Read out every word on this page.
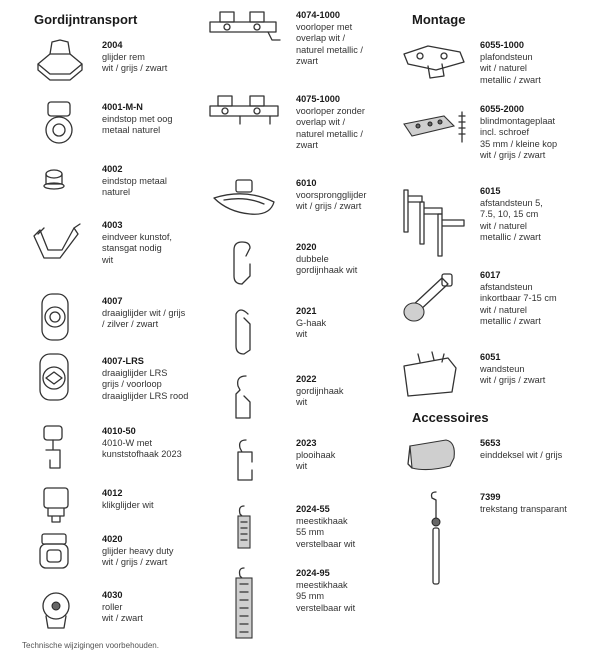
Gordijntransport	Montage
Accessoires
2004
glijder rem
wit / grijs / zwart
4001-M-N
eindstop met oog
metaal naturel
4002
eindstop metaal
naturel
4003
eindveer kunstof,
stansgat nodig
wit
4007
draaiglijder wit / grijs
/ zilver / zwart
4007-LRS
draaiglijder LRS
grijs / voorloop
draaiglijder LRS rood
4010-50
4010-W met
kunststofhaak 2023
4012
klikglijder wit
4020
glijder heavy duty
wit / grijs / zwart
4030
roller
wit / zwart
4074-1000
voorloper met
overlap wit /
naturel metallic /
zwart
4075-1000
voorloper zonder
overlap wit /
naturel metallic /
zwart
6010
voorsprongglijder
wit / grijs / zwart
2020
dubbele
gordijnhaak wit
2021
G-haak
wit
2022
gordijnhaak
wit
2023
plooihaak
wit
2024-55
meestikhaak
55 mm
verstelbaar wit
2024-95
meestikhaak
95 mm
verstelbaar wit
6055-1000
plafondsteun
wit / naturel
metallic / zwart
6055-2000
blindmontageplaat
incl. schroef
35 mm / kleine kop
wit / grijs / zwart
6015
afstandsteun 5,
7.5, 10, 15 cm
wit / naturel
metallic / zwart
6017
afstandsteun
inkortbaar 7-15 cm
wit / naturel
metallic / zwart
6051
wandsteun
wit / grijs / zwart
5653
einddeksel wit / grijs
7399
trekstang transparant
Technische wijzigingen voorbehouden.
